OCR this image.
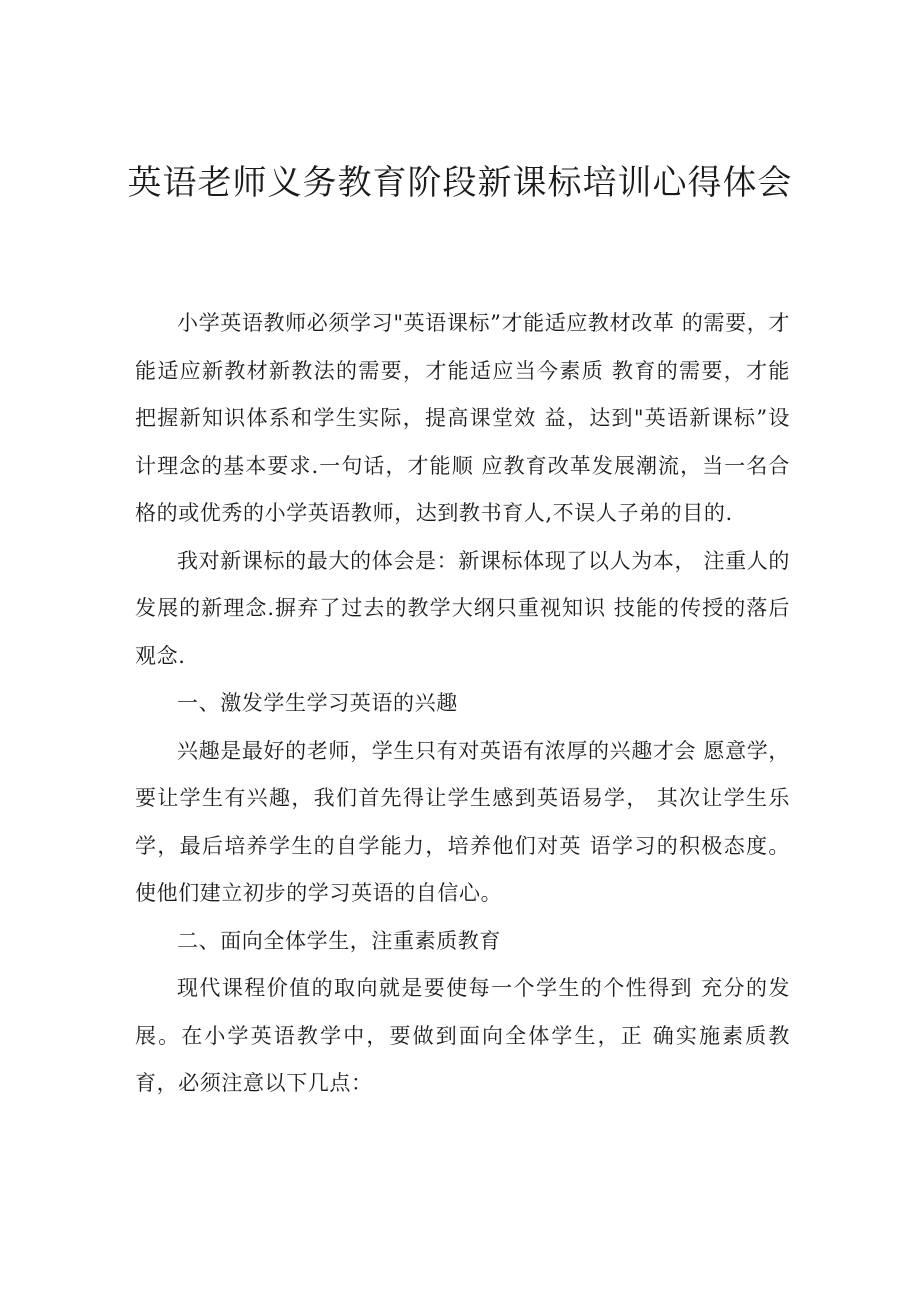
英语老师义务教育阶段新课标培训心得体会

小学英语教师必须学习"英语课标”才能适应教材改革 的需要，才能适应新教材新教法的需要，才能适应当今素质 教育的需要，才能把握新知识体系和学生实际，提高课堂效 益，达到"英语新课标”设计理念的基本要求.一句话，才能顺 应教育改革发展潮流，当一名合格的或优秀的小学英语教师，达到教书育人,不误人子弟的目的.

我对新课标的最大的体会是：新课标体现了以人为本， 注重人的发展的新理念.摒弃了过去的教学大纲只重视知识 技能的传授的落后观念.

一、激发学生学习英语的兴趣

兴趣是最好的老师，学生只有对英语有浓厚的兴趣才会 愿意学，要让学生有兴趣，我们首先得让学生感到英语易学， 其次让学生乐学，最后培养学生的自学能力，培养他们对英 语学习的积极态度。使他们建立初步的学习英语的自信心。

二、面向全体学生，注重素质教育

现代课程价值的取向就是要使每一个学生的个性得到 充分的发展。在小学英语教学中，要做到面向全体学生，正 确实施素质教育，必须注意以下几点：
